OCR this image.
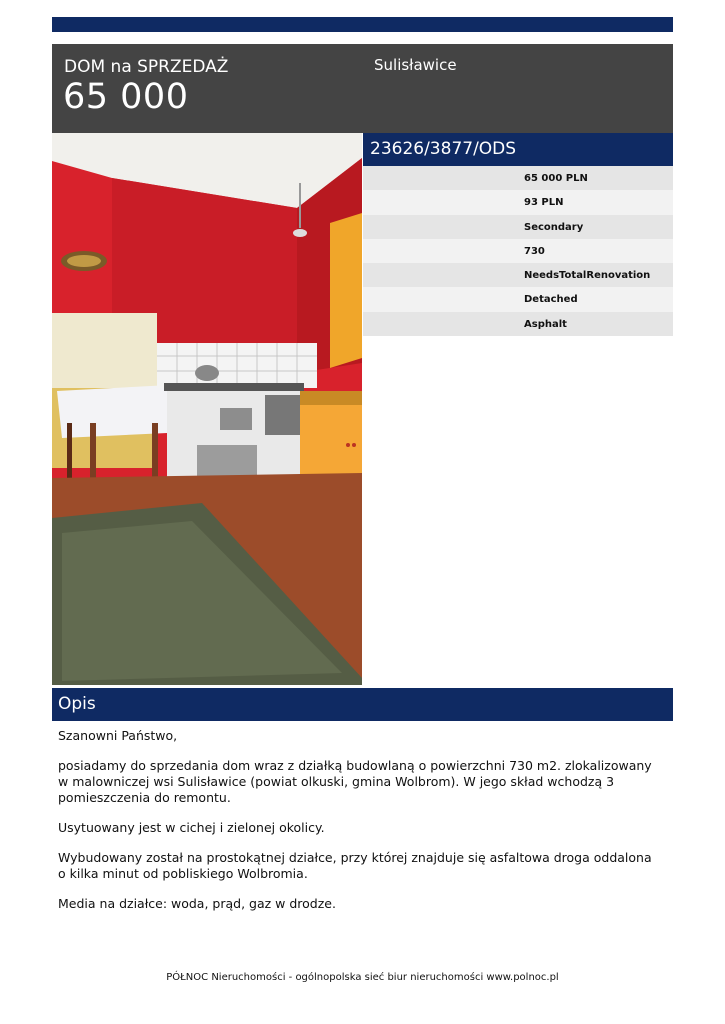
DOM na SPRZEDAŻ
65 000
Sulisławice
23626/3877/ODS
65 000 PLN
93 PLN
Secondary
730
NeedsTotalRenovation
Detached
Asphalt
Opis

Szanowni Państwo,

posiadamy do sprzedania dom wraz z działką budowlaną o powierzchni 730 m2. zlokalizowany w malowniczej wsi Sulisławice (powiat olkuski, gmina Wolbrom). W jego skład wchodzą 3 pomieszczenia do remontu.

Usytuowany jest w cichej i zielonej okolicy.

Wybudowany został na prostokątnej działce, przy której znajduje się asfaltowa droga oddalona o kilka minut od pobliskiego Wolbromia.

Media na działce: woda, prąd, gaz w drodze.

PÓŁNOC Nieruchomości - ogólnopolska sieć biur nieruchomości www.polnoc.pl
